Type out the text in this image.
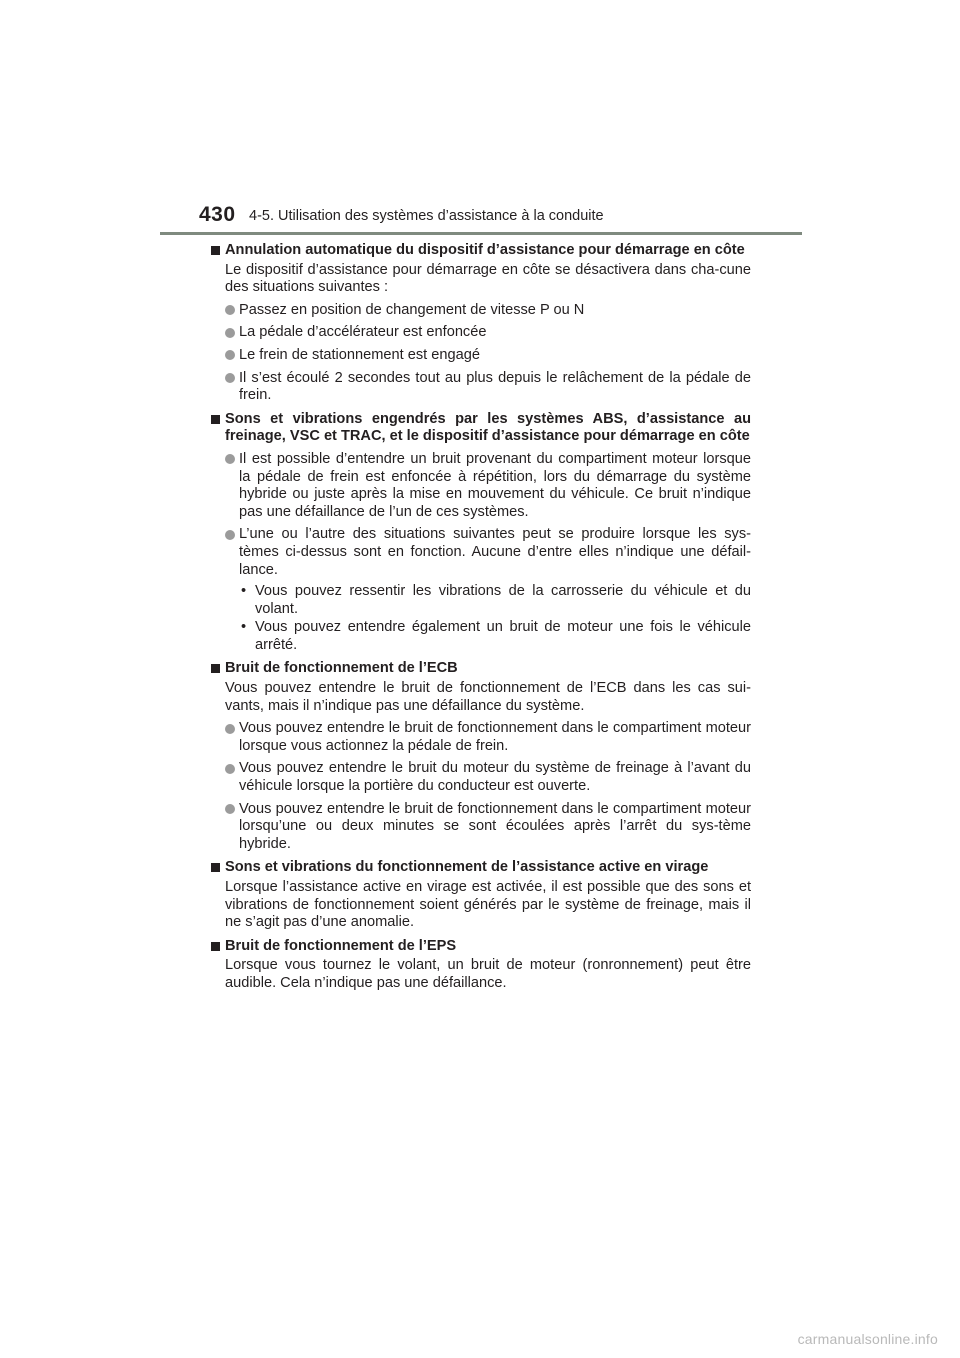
430 4-5. Utilisation des systèmes d’assistance à la conduite
Annulation automatique du dispositif d’assistance pour démarrage en côte
Le dispositif d’assistance pour démarrage en côte se désactivera dans cha-cune des situations suivantes :
Passez en position de changement de vitesse P ou N
La pédale d’accélérateur est enfoncée
Le frein de stationnement est engagé
Il s’est écoulé 2 secondes tout au plus depuis le relâchement de la pédale de frein.
Sons et vibrations engendrés par les systèmes ABS, d’assistance au freinage, VSC et TRAC, et le dispositif d’assistance pour démarrage en côte
Il est possible d’entendre un bruit provenant du compartiment moteur lorsque la pédale de frein est enfoncée à répétition, lors du démarrage du système hybride ou juste après la mise en mouvement du véhicule. Ce bruit n’indique pas une défaillance de l’un de ces systèmes.
L’une ou l’autre des situations suivantes peut se produire lorsque les sys-tèmes ci-dessus sont en fonction. Aucune d’entre elles n’indique une défail-lance.
• Vous pouvez ressentir les vibrations de la carrosserie du véhicule et du volant.
• Vous pouvez entendre également un bruit de moteur une fois le véhicule arrêté.
Bruit de fonctionnement de l’ECB
Vous pouvez entendre le bruit de fonctionnement de l’ECB dans les cas sui-vants, mais il n’indique pas une défaillance du système.
Vous pouvez entendre le bruit de fonctionnement dans le compartiment moteur lorsque vous actionnez la pédale de frein.
Vous pouvez entendre le bruit du moteur du système de freinage à l’avant du véhicule lorsque la portière du conducteur est ouverte.
Vous pouvez entendre le bruit de fonctionnement dans le compartiment moteur lorsqu’une ou deux minutes se sont écoulées après l’arrêt du sys-tème hybride.
Sons et vibrations du fonctionnement de l’assistance active en virage
Lorsque l’assistance active en virage est activée, il est possible que des sons et vibrations de fonctionnement soient générés par le système de freinage, mais il ne s’agit pas d’une anomalie.
Bruit de fonctionnement de l’EPS
Lorsque vous tournez le volant, un bruit de moteur (ronronnement) peut être audible. Cela n’indique pas une défaillance.
carmanualsonline.info
